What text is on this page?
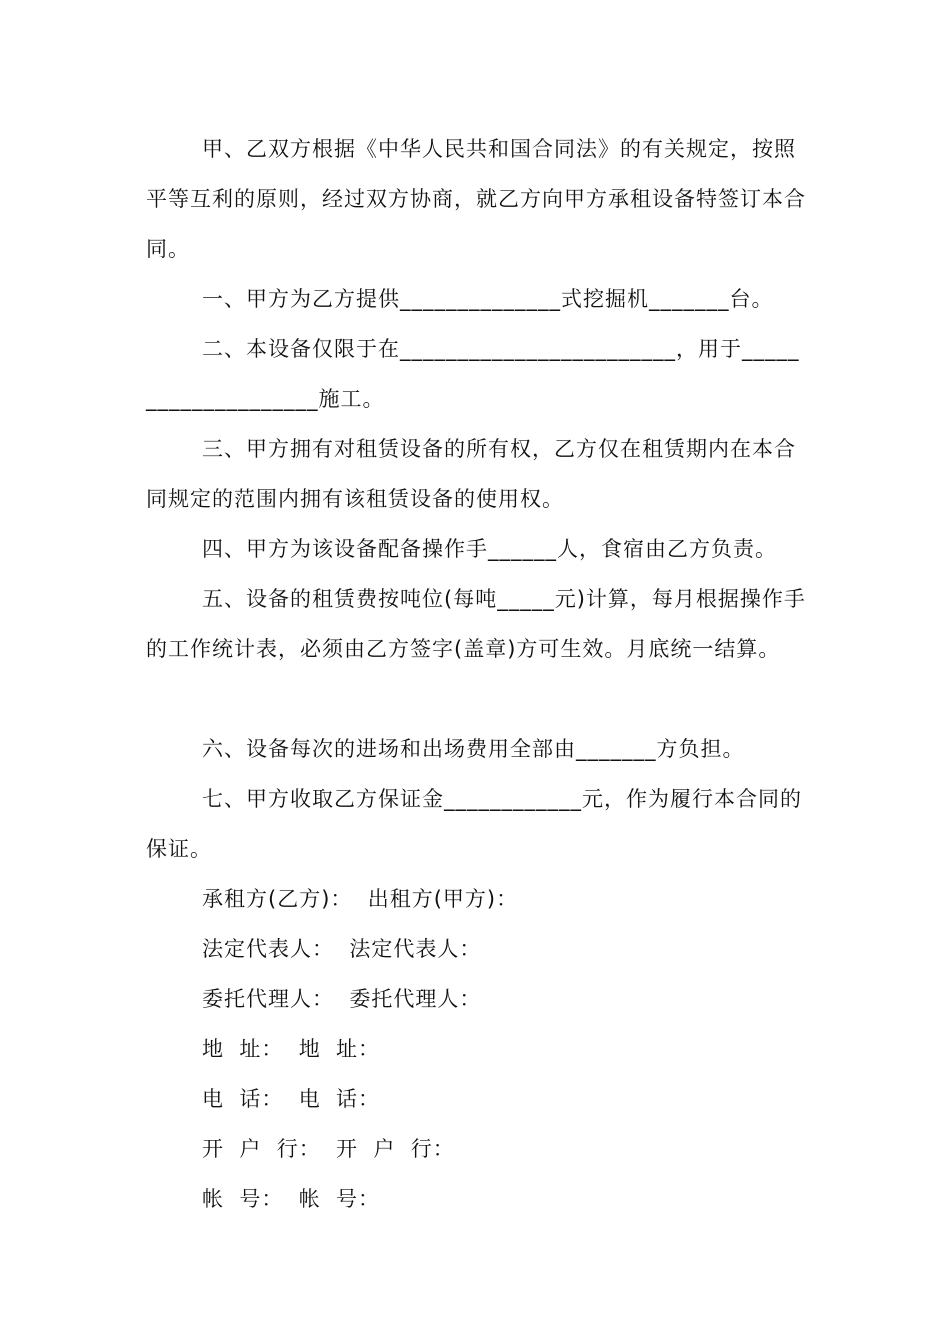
甲、乙双方根据《中华人民共和国合同法》的有关规定，按照平等互利的原则，经过双方协商，就乙方向甲方承租设备特签订本合同。
一、甲方为乙方提供______________式挖掘机_______台。
二、本设备仅限于在________________________，用于____________________施工。
三、甲方拥有对租赁设备的所有权，乙方仅在租赁期内在本合同规定的范围内拥有该租赁设备的使用权。
四、甲方为该设备配备操作手______人，食宿由乙方负责。
五、设备的租赁费按吨位(每吨_____元)计算，每月根据操作手的工作统计表，必须由乙方签字(盖章)方可生效。月底统一结算。
六、设备每次的进场和出场费用全部由_______方负担。
七、甲方收取乙方保证金____________元，作为履行本合同的保证。
承租方(乙方)：  出租方(甲方)：
法定代表人：  法定代表人：
委托代理人：  委托代理人：
地  址：  地  址：
电  话：  电  话：
开  户  行：  开  户  行：
帐  号：  帐  号：
